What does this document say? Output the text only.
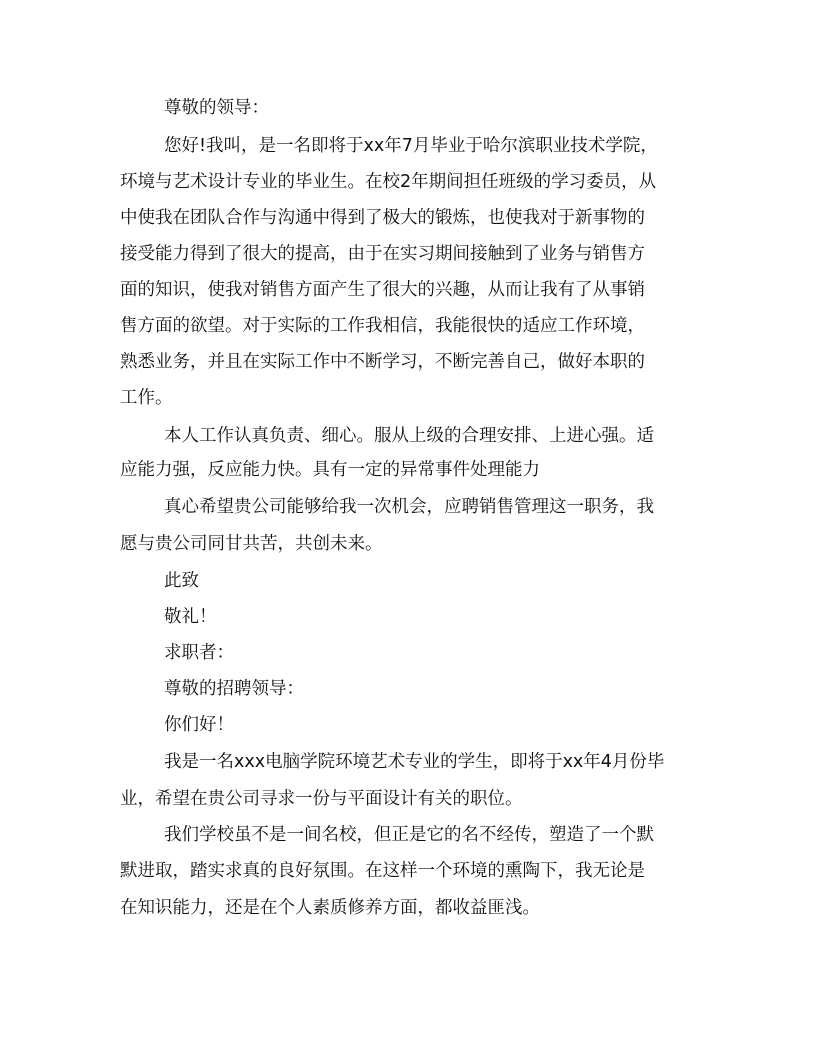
尊敬的领导：
您好!我叫，是一名即将于xx年7月毕业于哈尔滨职业技术学院，
环境与艺术设计专业的毕业生。在校2年期间担任班级的学习委员，从
中使我在团队合作与沟通中得到了极大的锻炼，也使我对于新事物的
接受能力得到了很大的提高，由于在实习期间接触到了业务与销售方
面的知识，使我对销售方面产生了很大的兴趣，从而让我有了从事销
售方面的欲望。对于实际的工作我相信，我能很快的适应工作环境，
熟悉业务，并且在实际工作中不断学习，不断完善自己，做好本职的
工作。
本人工作认真负责、细心。服从上级的合理安排、上进心强。适
应能力强，反应能力快。具有一定的异常事件处理能力
真心希望贵公司能够给我一次机会，应聘销售管理这一职务，我
愿与贵公司同甘共苦，共创未来。
此致
敬礼！
求职者：
尊敬的招聘领导：
你们好！
我是一名xxx电脑学院环境艺术专业的学生，即将于xx年4月份毕
业，希望在贵公司寻求一份与平面设计有关的职位。
我们学校虽不是一间名校，但正是它的名不经传，塑造了一个默
默进取，踏实求真的良好氛围。在这样一个环境的熏陶下，我无论是
在知识能力，还是在个人素质修养方面，都收益匪浅。
